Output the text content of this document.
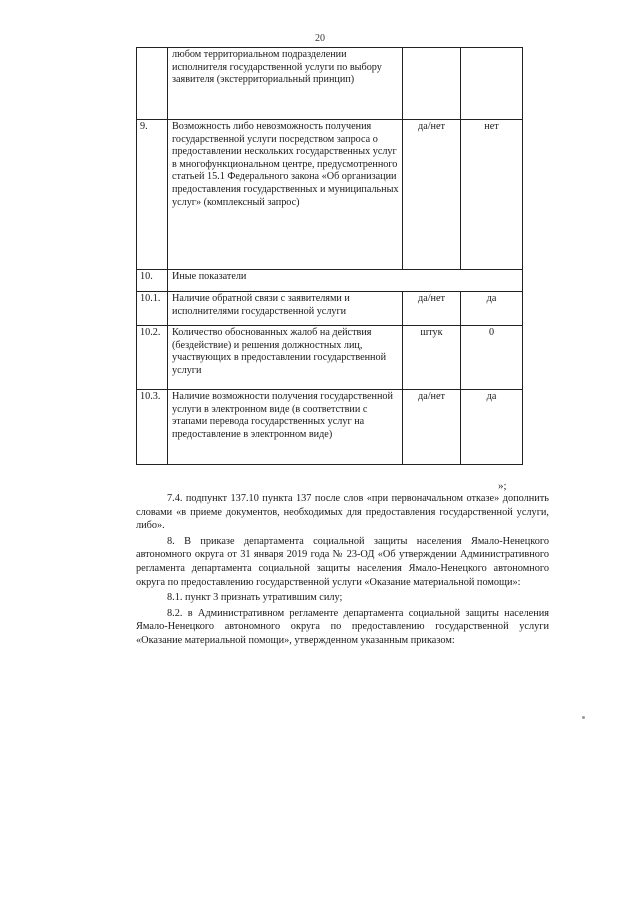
20
	любом территориальном подразделении исполнителя государственной услуги по выбору заявителя (экстерриториальный принцип)		
9.	Возможность либо невозможность получения государственной услуги посредством запроса о предоставлении нескольких государственных услуг в многофункциональном центре, предусмотренного статьей 15.1 Федерального закона «Об организации предоставления государственных и муниципальных услуг» (комплексный запрос)	да/нет	нет
10.	Иные показатели		
10.1.	Наличие обратной связи с заявителями и исполнителями государственной услуги	да/нет	да
10.2.	Количество обоснованных жалоб на действия (бездействие) и решения должностных лиц, участвующих в предоставлении государственной услуги	штук	0
10.3.	Наличие возможности получения государственной услуги в электронном виде (в соответствии с этапами перевода государственных услуг на предоставление в электронном виде)	да/нет	да
»;

7.4. подпункт 137.10 пункта 137 после слов «при первоначальном отказе» дополнить словами «в приеме документов, необходимых для предоставления государственной услуги, либо».

8. В приказе департамента социальной защиты населения Ямало-Ненецкого автономного округа от 31 января 2019 года № 23-ОД «Об утверждении Административного регламента департамента социальной защиты населения Ямало-Ненецкого автономного округа по предоставлению государственной услуги «Оказание материальной помощи»:

8.1. пункт 3 признать утратившим силу;

8.2. в Административном регламенте департамента социальной защиты населения Ямало-Ненецкого автономного округа по предоставлению государственной услуги «Оказание материальной помощи», утвержденном указанным приказом:
